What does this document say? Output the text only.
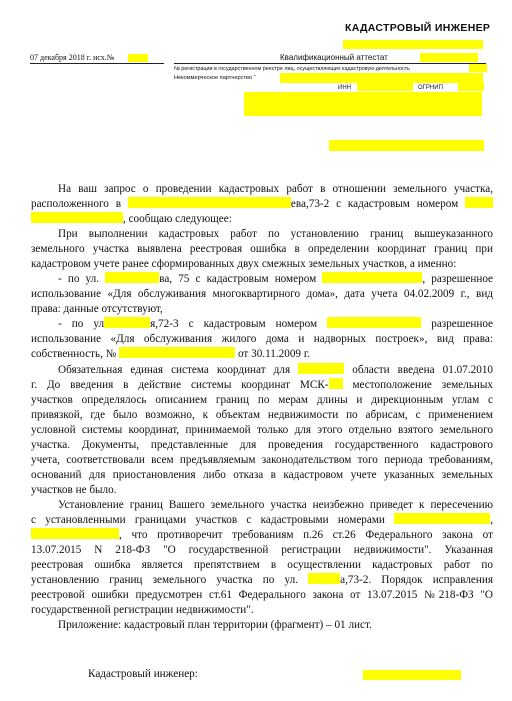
КАДАСТРОВЫЙ ИНЖЕНЕР
07 декабря 2018 г. исх.№	Квалификационный аттестат
№ регистрации в государственном реестре лиц, осуществляющих кадастровую деятельность
Некоммерческое партнерство "
ИНН	ОГРНИП
На ваш запрос о проведении кадастровых работ в отношении земельного участка,
расположенного в	ева,73-2 с кадастровым номером
, сообщаю следующее:
При выполнении кадастровых работ по установлению границ вышеуказанного
земельного участка выявлена реестровая ошибка в определении координат границ при
кадастровом учете ранее сформированных двух смежных земельных участков, а именно:
- по ул.	ва, 75 с кадастровым номером	, разрешенное
использование «Для обслуживания многоквартирного дома», дата учета 04.02.2009 г., вид
права: данные отсутствуют,
- по ул	я,72-3 с кадастровым номером	разрешенное
использование «Для обслуживания жилого дома и надворных построек», вид права:
собственность, №	от 30.11.2009 г.
Обязательная единая система координат для	области введена 01.07.2010
г. До введения в действие системы координат МСК- местоположение земельных
участков определялось описанием границ по мерам длины и дирекционным углам с
привязкой, где было возможно, к объектам недвижимости по абрисам, с применением
условной системы координат, принимаемой только для этого отдельно взятого земельного
участка. Документы, представленные для проведения государственного кадастрового
учета, соответствовали всем предъявляемым законодательством того периода требованиям,
оснований для приостановления либо отказа в кадастровом учете указанных земельных
участков не было.
Установление границ Вашего земельного участка неизбежно приведет к пересечению
с установленными границами участков с кадастровыми номерами	,
, что противоречит требованиям п.26 ст.26 Федерального закона от
13.07.2015 N 218-ФЗ "О государственной регистрации недвижимости". Указанная
реестровая ошибка является препятствием в осуществлении кадастровых работ по
установлению границ земельного участка по ул.	а,73-2. Порядок исправления
реестровой ошибки предусмотрен ст.61 Федерального закона от 13.07.2015 №218-ФЗ "О
государственной регистрации недвижимости".
Приложение: кадастровый план территории (фрагмент) – 01 лист.
Кадастровый инженер:
